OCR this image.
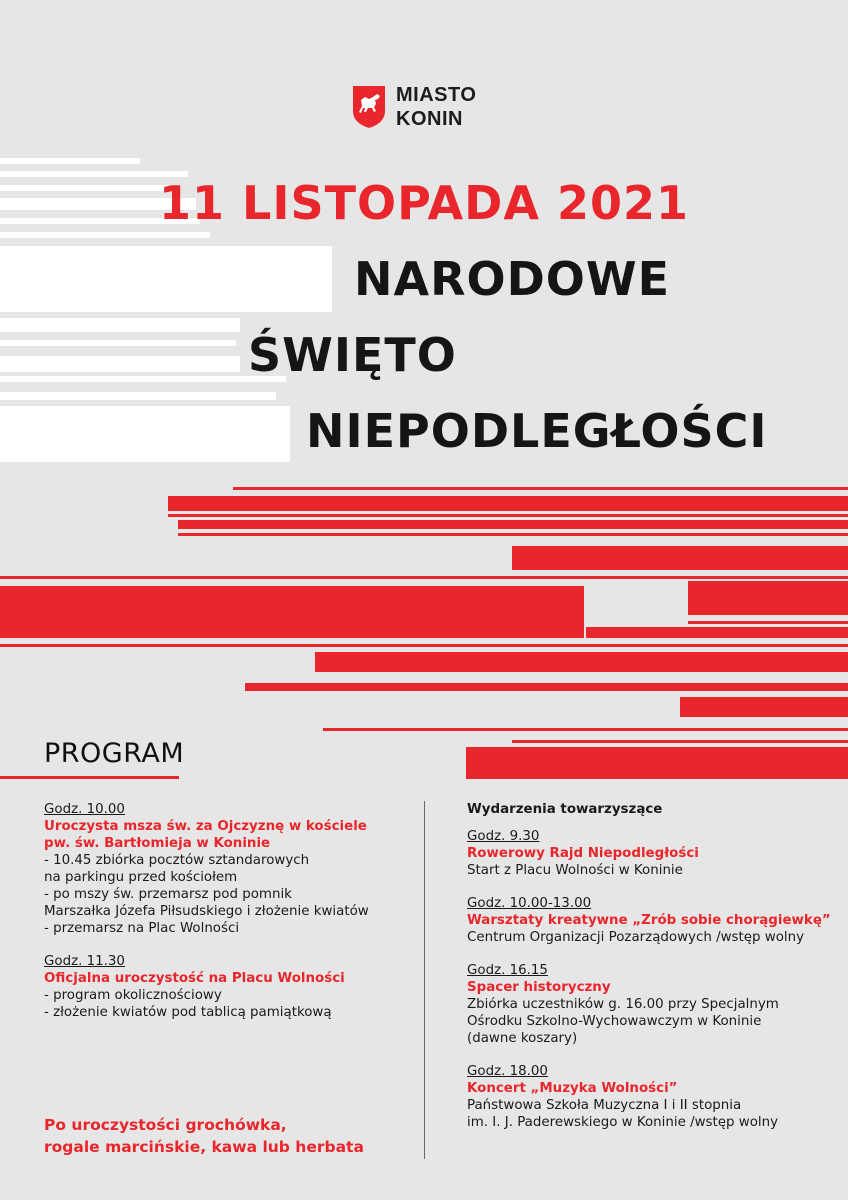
MIASTO
KONIN
11 LISTOPADA 2021
NARODOWE
ŚWIĘTO
NIEPODLEGŁOŚCI
PROGRAM
Godz. 10.00
Uroczysta msza św. za Ojczyznę w kościele
pw. św. Bartłomieja w Koninie
- 10.45 zbiórka pocztów sztandarowych
na parkingu przed kościołem
- po mszy św. przemarsz pod pomnik
Marszałka Józefa Piłsudskiego i złożenie kwiatów
- przemarsz na Plac Wolności
Godz. 11.30
Oficjalna uroczystość na Placu Wolności
- program okolicznościowy
- złożenie kwiatów pod tablicą pamiątkową
Po uroczystości grochówka,
rogale marcińskie, kawa lub herbata
Wydarzenia towarzyszące
Godz. 9.30
Rowerowy Rajd Niepodległości
Start z Placu Wolności w Koninie
Godz. 10.00-13.00
Warsztaty kreatywne „Zrób sobie chorągiewkę”
Centrum Organizacji Pozarządowych /wstęp wolny
Godz. 16.15
Spacer historyczny
Zbiórka uczestników g. 16.00 przy Specjalnym
Ośrodku Szkolno-Wychowawczym w Koninie
(dawne koszary)
Godz. 18.00
Koncert „Muzyka Wolności”
Państwowa Szkoła Muzyczna I i II stopnia
im. I. J. Paderewskiego w Koninie /wstęp wolny
